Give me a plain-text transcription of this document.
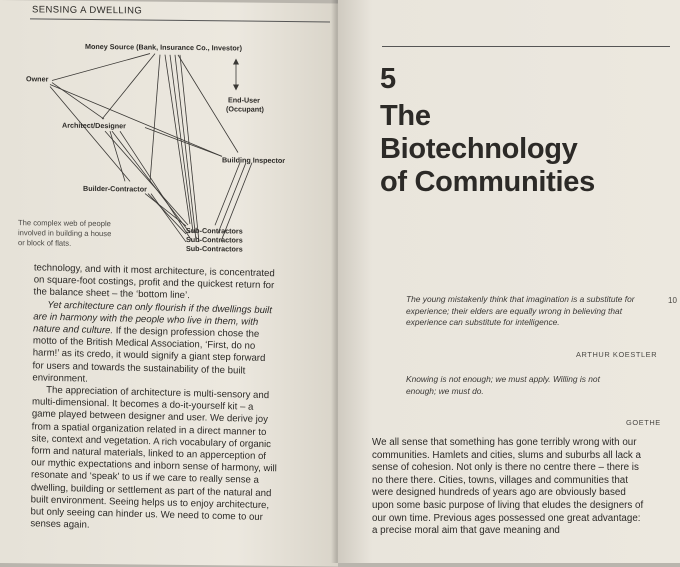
SENSING A DWELLING
Money Source (Bank, Insurance Co., Investor)
Owner
End-User
(Occupant)
Architect/Designer
Building Inspector
Builder-Contractor
Sub-Contractors
Sub-Contractors
Sub-Contractors
The complex web of people
involved in building a house
or block of flats.

technology, and with it most architecture, is concentrated on square-foot costings, profit and the quickest return for the balance sheet – the ‘bottom line’.

Yet architecture can only flourish if the dwellings built are in harmony with the people who live in them, with nature and culture. If the design profession chose the motto of the British Medical Association, ‘First, do no harm!’ as its credo, it would signify a giant step forward for users and towards the sustainability of the built environment.

The appreciation of architecture is multi-sensory and multi-dimensional. It becomes a do-it-yourself kit – a game played between designer and user. We derive joy from a spatial organization related in a direct manner to site, context and vegetation. A rich vocabulary of organic form and natural materials, linked to an apperception of our mythic expectations and inborn sense of harmony, will resonate and ‘speak’ to us if we care to really sense a dwelling, building or settlement as part of the natural and built environment. Seeing helps us to enjoy architecture, but only seeing can hinder us. We need to come to our senses again.

5
The
Biotechnology
of Communities
10
The young mistakenly think that imagination is a substitute for experience; their elders are equally wrong in believing that experience can substitute for intelligence.
ARTHUR KOESTLER
Knowing is not enough; we must apply. Willing is not enough; we must do.
GOETHE

We all sense that something has gone terribly wrong with our communities. Hamlets and cities, slums and suburbs all lack a sense of cohesion. Not only is there no centre there – there is no there there. Cities, towns, villages and communities that were designed hundreds of years ago are obviously based upon some basic purpose of living that eludes the designers of our own time. Previous ages possessed one great advantage: a precise moral aim that gave meaning and
